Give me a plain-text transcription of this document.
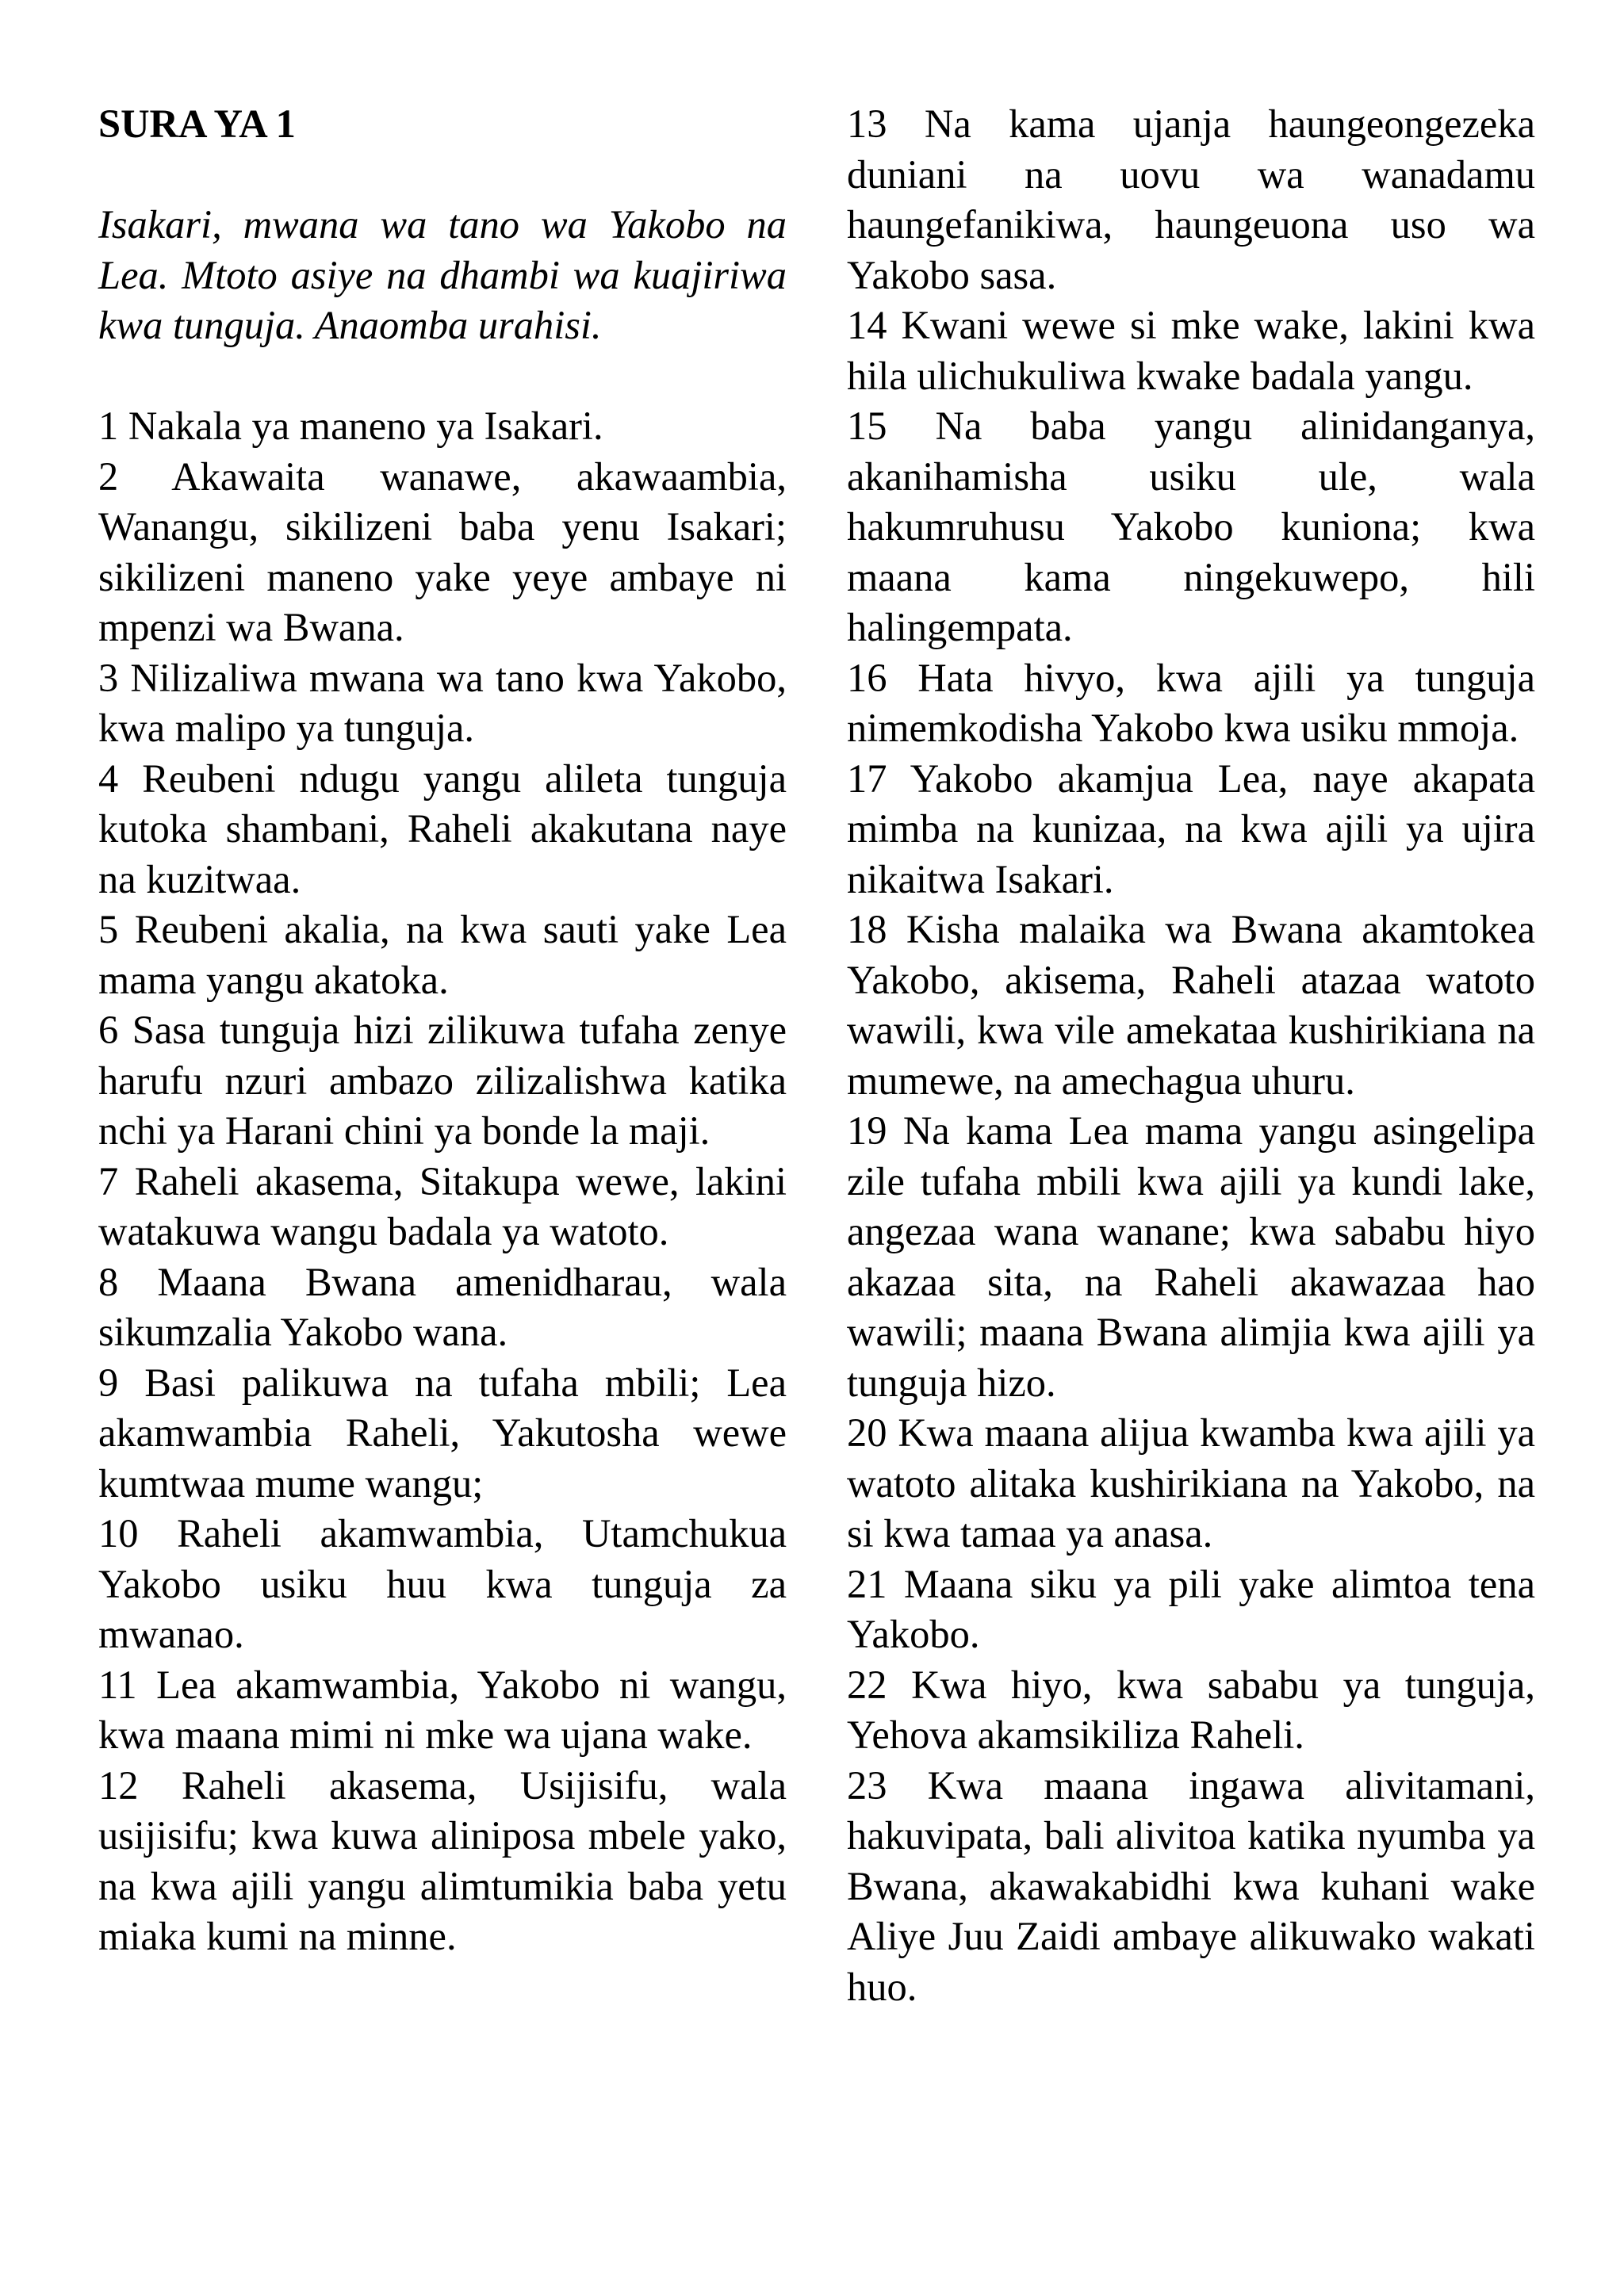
SURA YA 1
Isakari, mwana wa tano wa Yakobo na Lea. Mtoto asiye na dhambi wa kuajiriwa kwa tunguja. Anaomba urahisi.

1 Nakala ya maneno ya Isakari.

2 Akawaita wanawe, akawaambia, Wanangu, sikilizeni baba yenu Isakari; sikilizeni maneno yake yeye ambaye ni mpenzi wa Bwana.

3 Nilizaliwa mwana wa tano kwa Yakobo, kwa malipo ya tunguja.

4 Reubeni ndugu yangu alileta tunguja kutoka shambani, Raheli akakutana naye na kuzitwaa.

5 Reubeni akalia, na kwa sauti yake Lea mama yangu akatoka.

6 Sasa tunguja hizi zilikuwa tufaha zenye harufu nzuri ambazo zilizalishwa katika nchi ya Harani chini ya bonde la maji.

7 Raheli akasema, Sitakupa wewe, lakini watakuwa wangu badala ya watoto.

8 Maana Bwana amenidharau, wala sikumzalia Yakobo wana.

9 Basi palikuwa na tufaha mbili; Lea akamwambia Raheli, Yakutosha wewe kumtwaa mume wangu;

10 Raheli akamwambia, Utamchukua Yakobo usiku huu kwa tunguja za mwanao.

11 Lea akamwambia, Yakobo ni wangu, kwa maana mimi ni mke wa ujana wake.

12 Raheli akasema, Usijisifu, wala usijisifu; kwa kuwa aliniposa mbele yako, na kwa ajili yangu alimtumikia baba yetu miaka kumi na minne.

13 Na kama ujanja haungeongezeka duniani na uovu wa wanadamu haungefanikiwa, haungeuona uso wa Yakobo sasa.

14 Kwani wewe si mke wake, lakini kwa hila ulichukuliwa kwake badala yangu.

15 Na baba yangu alinidanganya, akanihamisha usiku ule, wala hakumruhusu Yakobo kuniona; kwa maana kama ningekuwepo, hili halingempata.

16 Hata hivyo, kwa ajili ya tunguja nimemkodisha Yakobo kwa usiku mmoja.

17 Yakobo akamjua Lea, naye akapata mimba na kunizaa, na kwa ajili ya ujira nikaitwa Isakari.

18 Kisha malaika wa Bwana akamtokea Yakobo, akisema, Raheli atazaa watoto wawili, kwa vile amekataa kushirikiana na mumewe, na amechagua uhuru.

19 Na kama Lea mama yangu asingelipa zile tufaha mbili kwa ajili ya kundi lake, angezaa wana wanane; kwa sababu hiyo akazaa sita, na Raheli akawazaa hao wawili; maana Bwana alimjia kwa ajili ya tunguja hizo.

20 Kwa maana alijua kwamba kwa ajili ya watoto alitaka kushirikiana na Yakobo, na si kwa tamaa ya anasa.

21 Maana siku ya pili yake alimtoa tena Yakobo.

22 Kwa hiyo, kwa sababu ya tunguja, Yehova akamsikiliza Raheli.

23 Kwa maana ingawa alivitamani, hakuvipata, bali alivitoa katika nyumba ya Bwana, akawakabidhi kwa kuhani wake Aliye Juu Zaidi ambaye alikuwako wakati huo.
